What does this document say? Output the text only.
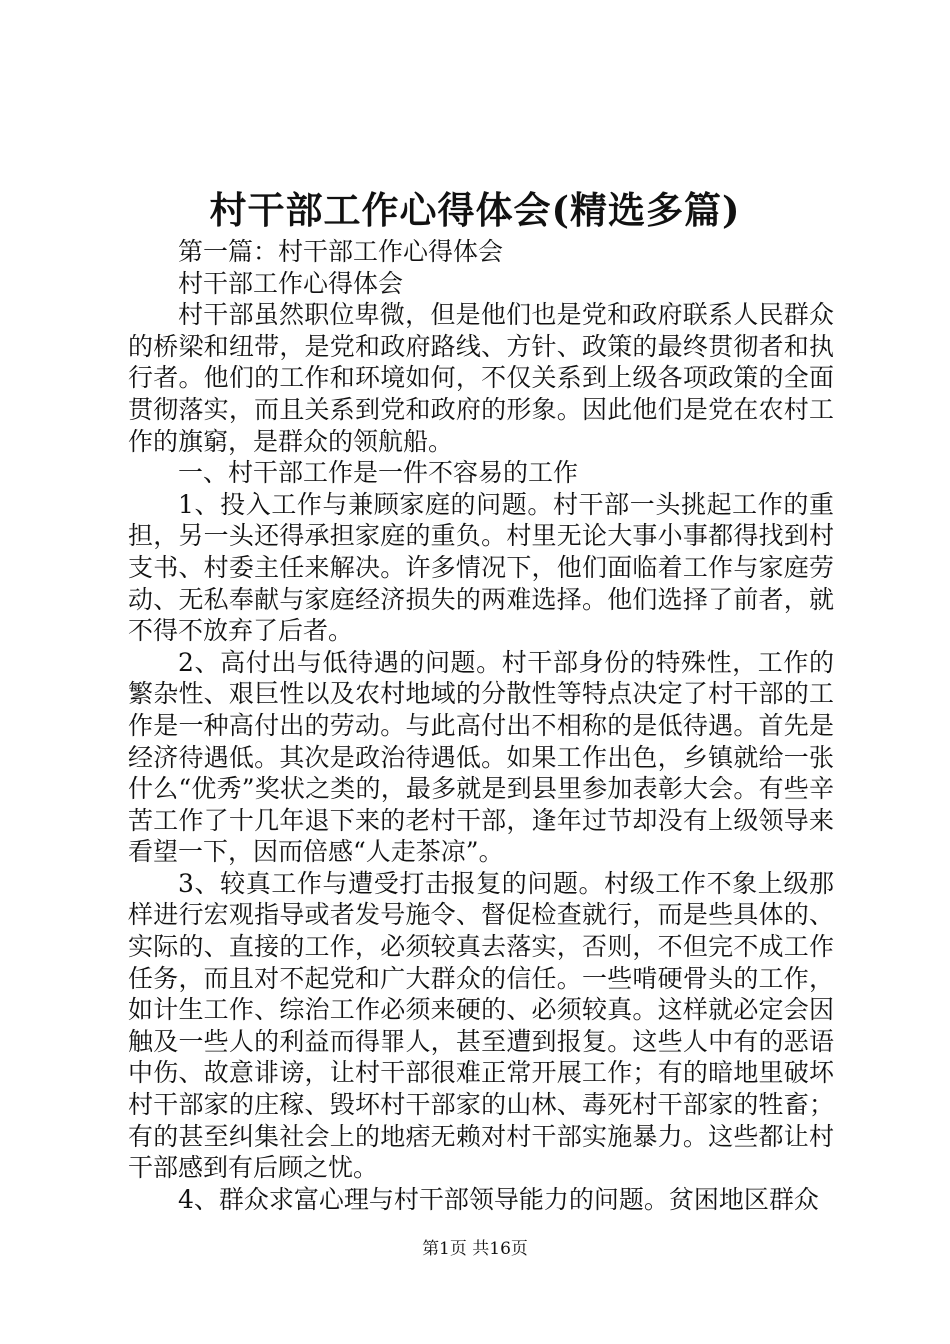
村干部工作心得体会(精选多篇)

第一篇：村干部工作心得体会

村干部工作心得体会

村干部虽然职位卑微，但是他们也是党和政府联系人民群众的桥梁和纽带，是党和政府路线、方针、政策的最终贯彻者和执行者。他们的工作和环境如何，不仅关系到上级各项政策的全面贯彻落实，而且关系到党和政府的形象。因此他们是党在农村工作的旗窮，是群众的领航船。

一、村干部工作是一件不容易的工作

1、投入工作与兼顾家庭的问题。村干部一头挑起工作的重担，另一头还得承担家庭的重负。村里无论大事小事都得找到村支书、村委主任来解决。许多情况下，他们面临着工作与家庭劳动、无私奉献与家庭经济损失的两难选择。他们选择了前者，就不得不放弃了后者。

2、高付出与低待遇的问题。村干部身份的特殊性，工作的繁杂性、艰巨性以及农村地域的分散性等特点决定了村干部的工作是一种高付出的劳动。与此高付出不相称的是低待遇。首先是经济待遇低。其次是政治待遇低。如果工作出色，乡镇就给一张什么“优秀”奖状之类的，最多就是到县里参加表彰大会。有些辛苦工作了十几年退下来的老村干部，逢年过节却没有上级领导来看望一下，因而倍感“人走茶凉”。

3、较真工作与遭受打击报复的问题。村级工作不象上级那样进行宏观指导或者发号施令、督促检查就行，而是些具体的、实际的、直接的工作，必须较真去落实，否则，不但完不成工作任务，而且对不起党和广大群众的信任。一些啃硬骨头的工作，如计生工作、综治工作必须来硬的、必须较真。这样就必定会因触及一些人的利益而得罪人，甚至遭到报复。这些人中有的恶语中伤、故意诽谤，让村干部很难正常开展工作；有的暗地里破坏村干部家的庄稼、毁坏村干部家的山林、毒死村干部家的牲畜；有的甚至纠集社会上的地痞无赖对村干部实施暴力。这些都让村干部感到有后顾之忧。

4、群众求富心理与村干部领导能力的问题。贫困地区群众

第1页 共16页
